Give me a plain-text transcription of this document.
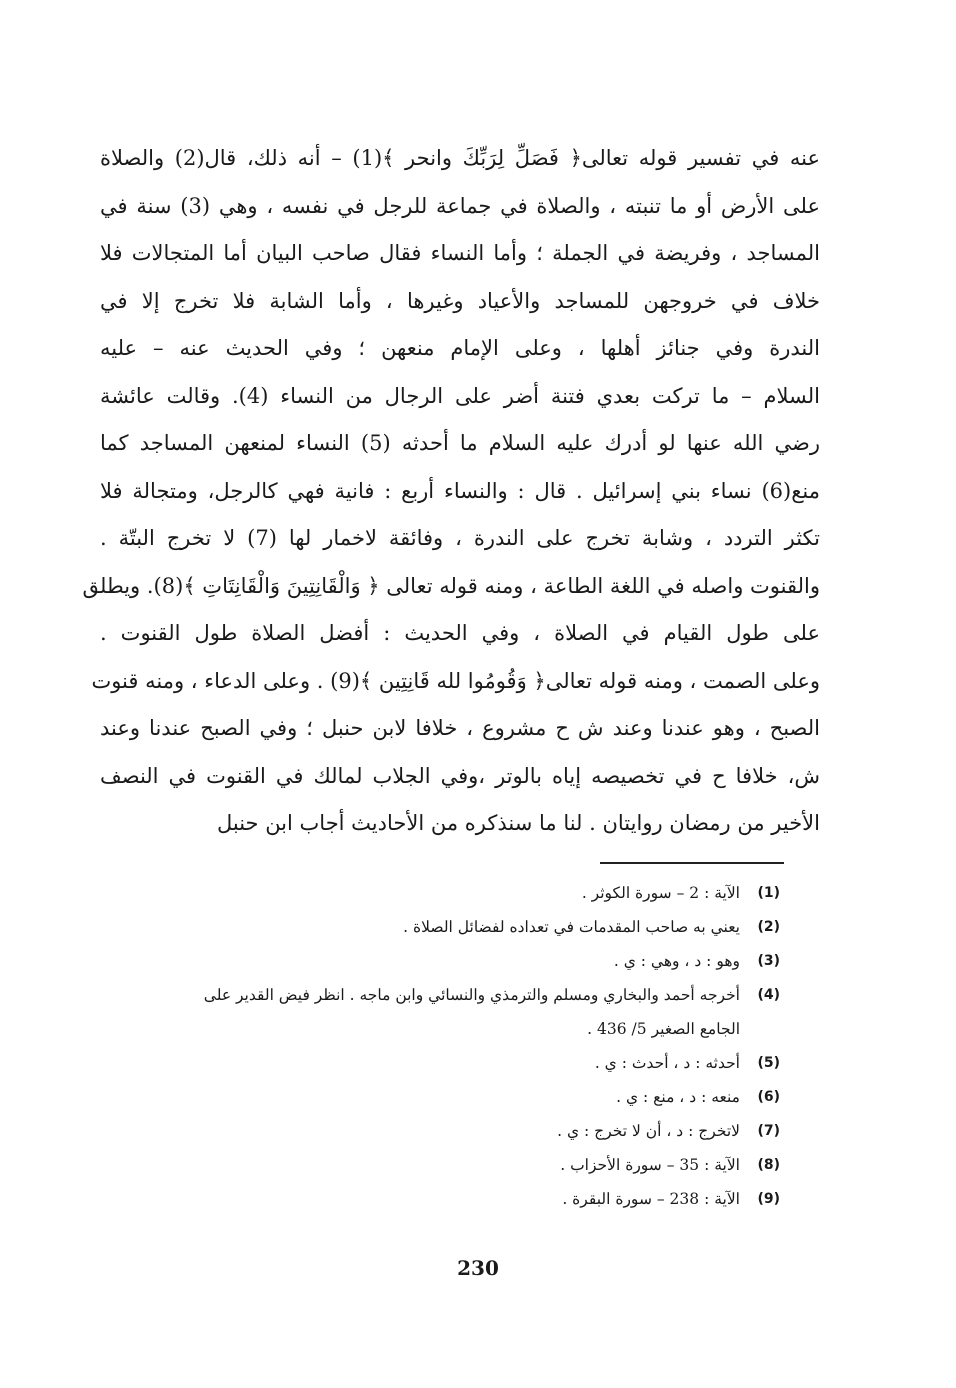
عنه في تفسير قوله تعالى﴿ فَصَلِّ لِرَبِّكَ وانحر ﴾(1) – أنه ذلك، قال(2) والصلاة
على الأرض أو ما تنبته ، والصلاة في جماعة للرجل في نفسه ، وهي (3) سنة في
المساجد ، وفريضة في الجملة ؛ وأما النساء فقال صاحب البيان أما المتجالات فلا
خلاف في خروجهن للمساجد والأعياد وغيرها ، وأما الشابة فلا تخرج إلا في
الندرة وفي جنائز أهلها ، وعلى الإمام منعهن ؛ وفي الحديث عنه – عليه
السلام – ما تركت بعدي فتنة أضر على الرجال من النساء (4). وقالت عائشة
رضي الله عنها لو أدرك عليه السلام ما أحدثه (5) النساء لمنعهن المساجد كما
منع(6) نساء بني إسرائيل . قال : والنساء أربع : فانية فهي كالرجل، ومتجالة فلا
تكثر التردد ، وشابة تخرج على الندرة ، وفائقة لاخمار لها (7) لا تخرج البتّة .
والقنوت واصله في اللغة الطاعة ، ومنه قوله تعالى ﴿ وَالْقَانِتِينَ وَالْقَانِتَاتِ ﴾(8). ويطلق
على طول القيام في الصلاة ، وفي الحديث : أفضل الصلاة طول القنوت .
وعلى الصمت ، ومنه قوله تعالى﴿ وَقُومُوا لله قَانِتِين ﴾(9) . وعلى الدعاء ، ومنه قنوت
الصبح ، وهو عندنا وعند ش ح مشروع ، خلافا لابن حنبل ؛ وفي الصبح عندنا وعند
ش، خلافا ح في تخصيصه إياه بالوتر ،وفي الجلاب لمالك في القنوت في النصف
الأخير من رمضان روايتان . لنا ما سنذكره من الأحاديث أجاب ابن حنبل
(1)
الآية : 2 – سورة الكوثر .
(2)
يعني به صاحب المقدمات في تعداده لفضائل الصلاة .
(3)
وهو : د ، وهي : ي .
(4)
أخرجه أحمد والبخاري ومسلم والترمذي والنسائي وابن ماجه . انظر فيض القدير على
الجامع الصغير 5/ 436 .
(5)
أحدثه : د ، أحدث : ي .
(6)
منعه : د ، منع : ي .
(7)
لاتخرج : د ، أن لا تخرج : ي .
(8)
الآية : 35 – سورة الأحزاب .
(9)
الآية : 238 – سورة البقرة .
230
